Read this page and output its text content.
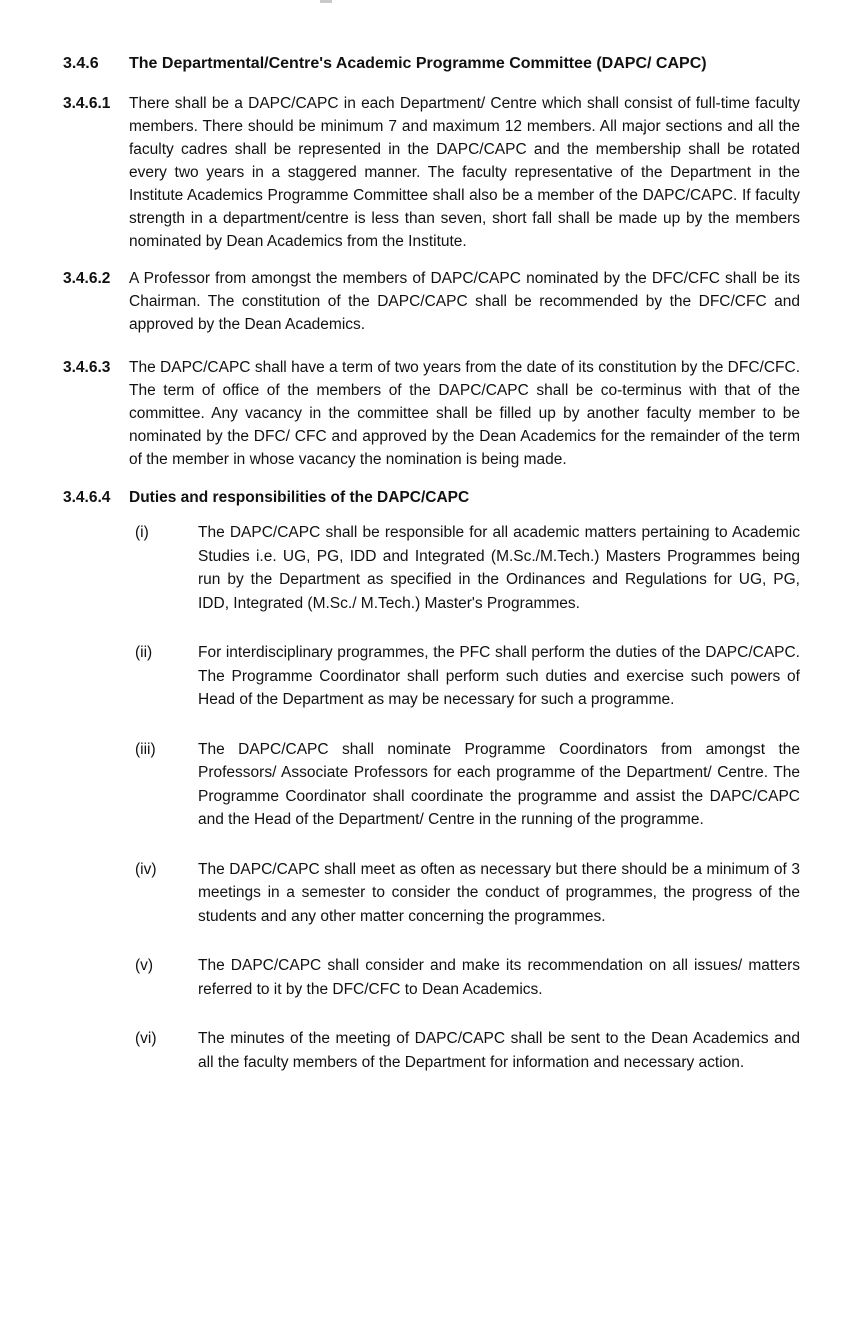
3.4.6	The Departmental/Centre's Academic Programme Committee (DAPC/ CAPC)
3.4.6.1	There shall be a DAPC/CAPC in each Department/ Centre which shall consist of full-time faculty members. There should be minimum 7 and maximum 12 members. All major sections and all the faculty cadres shall be represented in the DAPC/CAPC and the membership shall be rotated every two years in a staggered manner. The faculty representative of the Department in the Institute Academics Programme Committee shall also be a member of the DAPC/CAPC. If faculty strength in a department/centre is less than seven, short fall shall be made up by the members nominated by Dean Academics from the Institute.
3.4.6.2	A Professor from amongst the members of DAPC/CAPC nominated by the DFC/CFC shall be its Chairman. The constitution of the DAPC/CAPC shall be recommended by the DFC/CFC and approved by the Dean Academics.
3.4.6.3	The DAPC/CAPC shall have a term of two years from the date of its constitution by the DFC/CFC. The term of office of the members of the DAPC/CAPC shall be co-terminus with that of the committee. Any vacancy in the committee shall be filled up by another faculty member to be nominated by the DFC/ CFC and approved by the Dean Academics for the remainder of the term of the member in whose vacancy the nomination is being made.
3.4.6.4	Duties and responsibilities of the DAPC/CAPC
(i)	The DAPC/CAPC shall be responsible for all academic matters pertaining to Academic Studies i.e. UG, PG, IDD and Integrated (M.Sc./M.Tech.) Masters Programmes being run by the Department as specified in the Ordinances and Regulations for UG, PG, IDD, Integrated (M.Sc./ M.Tech.) Master's Programmes.
(ii)	For interdisciplinary programmes, the PFC shall perform the duties of the DAPC/CAPC. The Programme Coordinator shall perform such duties and exercise such powers of Head of the Department as may be necessary for such a programme.
(iii)	The DAPC/CAPC shall nominate Programme Coordinators from amongst the Professors/ Associate Professors for each programme of the Department/ Centre. The Programme Coordinator shall coordinate the programme and assist the DAPC/CAPC and the Head of the Department/ Centre in the running of the programme.
(iv)	The DAPC/CAPC shall meet as often as necessary but there should be a minimum of 3 meetings in a semester to consider the conduct of programmes, the progress of the students and any other matter concerning the programmes.
(v)	The DAPC/CAPC shall consider and make its recommendation on all issues/ matters referred to it by the DFC/CFC to Dean Academics.
(vi)	The minutes of the meeting of DAPC/CAPC shall be sent to the Dean Academics and all the faculty members of the Department for information and necessary action.
